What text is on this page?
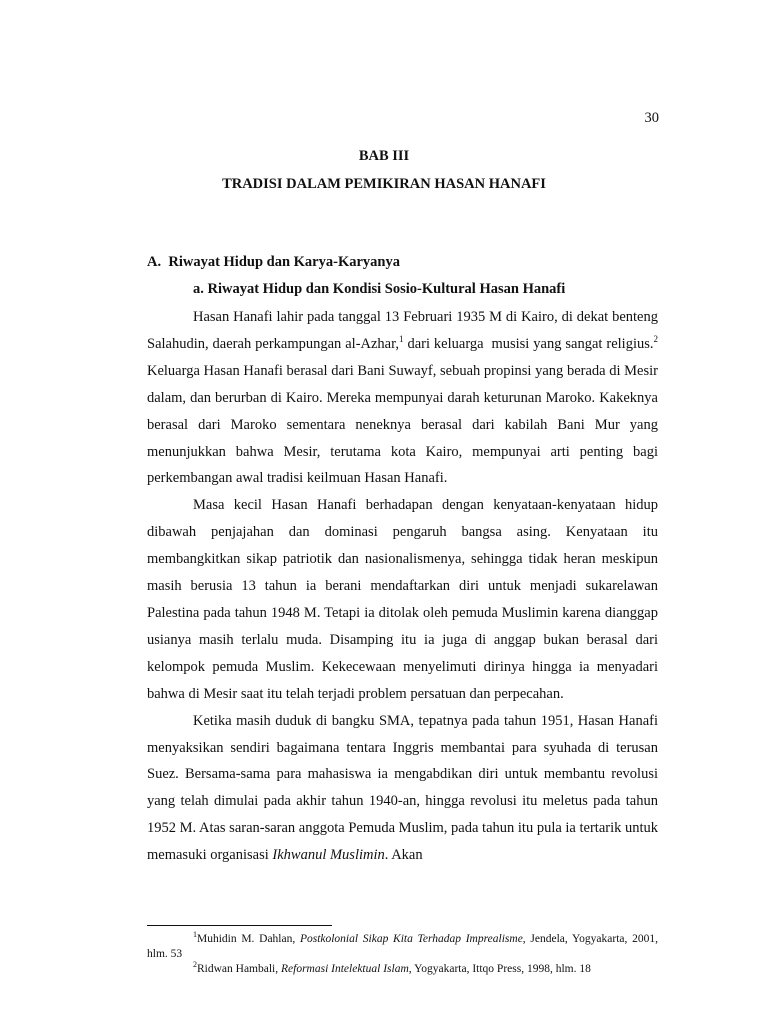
30
BAB III
TRADISI DALAM PEMIKIRAN HASAN HANAFI
A.  Riwayat Hidup dan Karya-Karyanya
a. Riwayat Hidup dan Kondisi Sosio-Kultural Hasan Hanafi

Hasan Hanafi lahir pada tanggal 13 Februari 1935 M di Kairo, di dekat benteng Salahudin, daerah perkampungan al-Azhar,$^1$ dari keluarga  musisi yang sangat religius.$^2$ Keluarga Hasan Hanafi berasal dari Bani Suwayf, sebuah propinsi yang berada di Mesir dalam, dan berurban di Kairo. Mereka mempunyai darah keturunan Maroko. Kakeknya berasal dari Maroko sementara neneknya berasal dari kabilah Bani Mur yang menunjukkan bahwa Mesir, terutama kota Kairo, mempunyai arti penting bagi perkembangan awal tradisi keilmuan Hasan Hanafi.

Masa kecil Hasan Hanafi berhadapan dengan kenyataan-kenyataan hidup dibawah penjajahan dan dominasi pengaruh bangsa asing. Kenyataan itu membangkitkan sikap patriotik dan nasionalismenya, sehingga tidak heran meskipun masih berusia 13 tahun ia berani mendaftarkan diri untuk menjadi sukarelawan Palestina pada tahun 1948 M. Tetapi ia ditolak oleh pemuda Muslimin karena dianggap usianya masih terlalu muda. Disamping itu ia juga di anggap bukan berasal dari kelompok pemuda Muslim. Kekecewaan menyelimuti dirinya hingga ia menyadari bahwa di Mesir saat itu telah terjadi problem persatuan dan perpecahan.

Ketika masih duduk di bangku SMA, tepatnya pada tahun 1951, Hasan Hanafi menyaksikan sendiri bagaimana tentara Inggris membantai para syuhada di terusan Suez. Bersama-sama para mahasiswa ia mengabdikan diri untuk membantu revolusi yang telah dimulai pada akhir tahun 1940-an, hingga revolusi itu meletus pada tahun 1952 M. Atas saran-saran anggota Pemuda Muslim, pada tahun itu pula ia tertarik untuk memasuki organisasi Ikhwanul Muslimin. Akan

$^1$Muhidin M. Dahlan, Postkolonial Sikap Kita Terhadap Imprealisme, Jendela, Yogyakarta, 2001, hlm. 53

$^2$Ridwan Hambali, Reformasi Intelektual Islam, Yogyakarta, Ittqo Press, 1998, hlm. 18
